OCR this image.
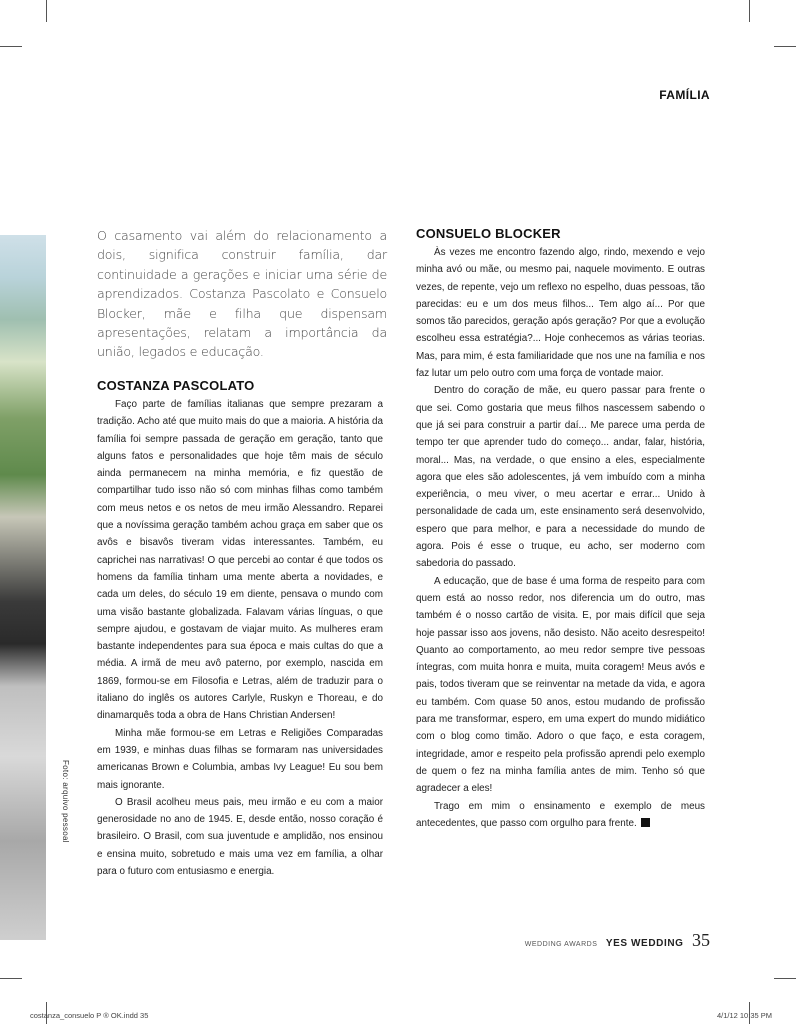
Foto: arquivo pessoal
FAMÍLIA
O casamento vai além do relacionamento a dois, significa construir família, dar continuidade a gerações e iniciar uma série de aprendizados. Costanza Pascolato e Consuelo Blocker, mãe e filha que dispensam apresentações, relatam a importância da união, legados e educação.
COSTANZA PASCOLATO

Faço parte de famílias italianas que sempre prezaram a tradição. Acho até que muito mais do que a maioria. A história da família foi sempre passada de geração em geração, tanto que alguns fatos e personalidades que hoje têm mais de século ainda permanecem na minha memória, e fiz questão de compartilhar tudo isso não só com minhas filhas como também com meus netos e os netos de meu irmão Alessandro. Reparei que a novíssima geração também achou graça em saber que os avôs e bisavôs tiveram vidas interessantes. Também, eu caprichei nas narrativas! O que percebi ao contar é que todos os homens da família tinham uma mente aberta a novidades, e cada um deles, do século 19 em diente, pensava o mundo com uma visão bastante globalizada. Falavam várias línguas, o que sempre ajudou, e gostavam de viajar muito. As mulheres eram bastante independentes para sua época e mais cultas do que a média. A irmã de meu avô paterno, por exemplo, nascida em 1869, formou-se em Filosofia e Letras, além de traduzir para o italiano do inglês os autores Carlyle, Ruskyn e Thoreau, e do dinamarquês toda a obra de Hans Christian Andersen!

Minha mãe formou-se em Letras e Religiões Comparadas em 1939, e minhas duas filhas se formaram nas universidades americanas Brown e Columbia, ambas Ivy League! Eu sou bem mais ignorante.

O Brasil acolheu meus pais, meu irmão e eu com a maior generosidade no ano de 1945. E, desde então, nosso coração é brasileiro. O Brasil, com sua juventude e amplidão, nos ensinou e ensina muito, sobretudo e mais uma vez em família, a olhar para o futuro com entusiasmo e energia.

CONSUELO BLOCKER

Às vezes me encontro fazendo algo, rindo, mexendo e vejo minha avó ou mãe, ou mesmo pai, naquele movimento. E outras vezes, de repente, vejo um reflexo no espelho, duas pessoas, tão parecidas: eu e um dos meus filhos... Tem algo aí... Por que somos tão parecidos, geração após geração? Por que a evolução escolheu essa estratégia?... Hoje conhecemos as várias teorias. Mas, para mim, é esta familiaridade que nos une na família e nos faz lutar um pelo outro com uma força de vontade maior.

Dentro do coração de mãe, eu quero passar para frente o que sei. Como gostaria que meus filhos nascessem sabendo o que já sei para construir a partir daí... Me parece uma perda de tempo ter que aprender tudo do começo... andar, falar, história, moral... Mas, na verdade, o que ensino a eles, especialmente agora que eles são adolescentes, já vem imbuído com a minha experiência, o meu viver, o meu acertar e errar... Unido à personalidade de cada um, este ensinamento será desenvolvido, espero que para melhor, e para a necessidade do mundo de agora. Pois é esse o truque, eu acho, ser moderno com sabedoria do passado.

A educação, que de base é uma forma de respeito para com quem está ao nosso redor, nos diferencia um do outro, mas também é o nosso cartão de visita. E, por mais difícil que seja hoje passar isso aos jovens, não desisto. Não aceito desrespeito! Quanto ao comportamento, ao meu redor sempre tive pessoas íntegras, com muita honra e muita, muita coragem! Meus avós e pais, todos tiveram que se reinventar na metade da vida, e agora eu também. Com quase 50 anos, estou mudando de profissão para me transformar, espero, em uma expert do mundo midiático com o blog como timão. Adoro o que faço, e esta coragem, integridade, amor e respeito pela profissão aprendi pelo exemplo de quem o fez na minha família antes de mim. Tenho só que agradecer a eles!

Trago em mim o ensinamento e exemplo de meus antecedentes, que passo com orgulho para frente.

WEDDING AWARDS YES WEDDING 35
costanza_consuelo P ® OK.indd 35	4/1/12 10:35 PM
